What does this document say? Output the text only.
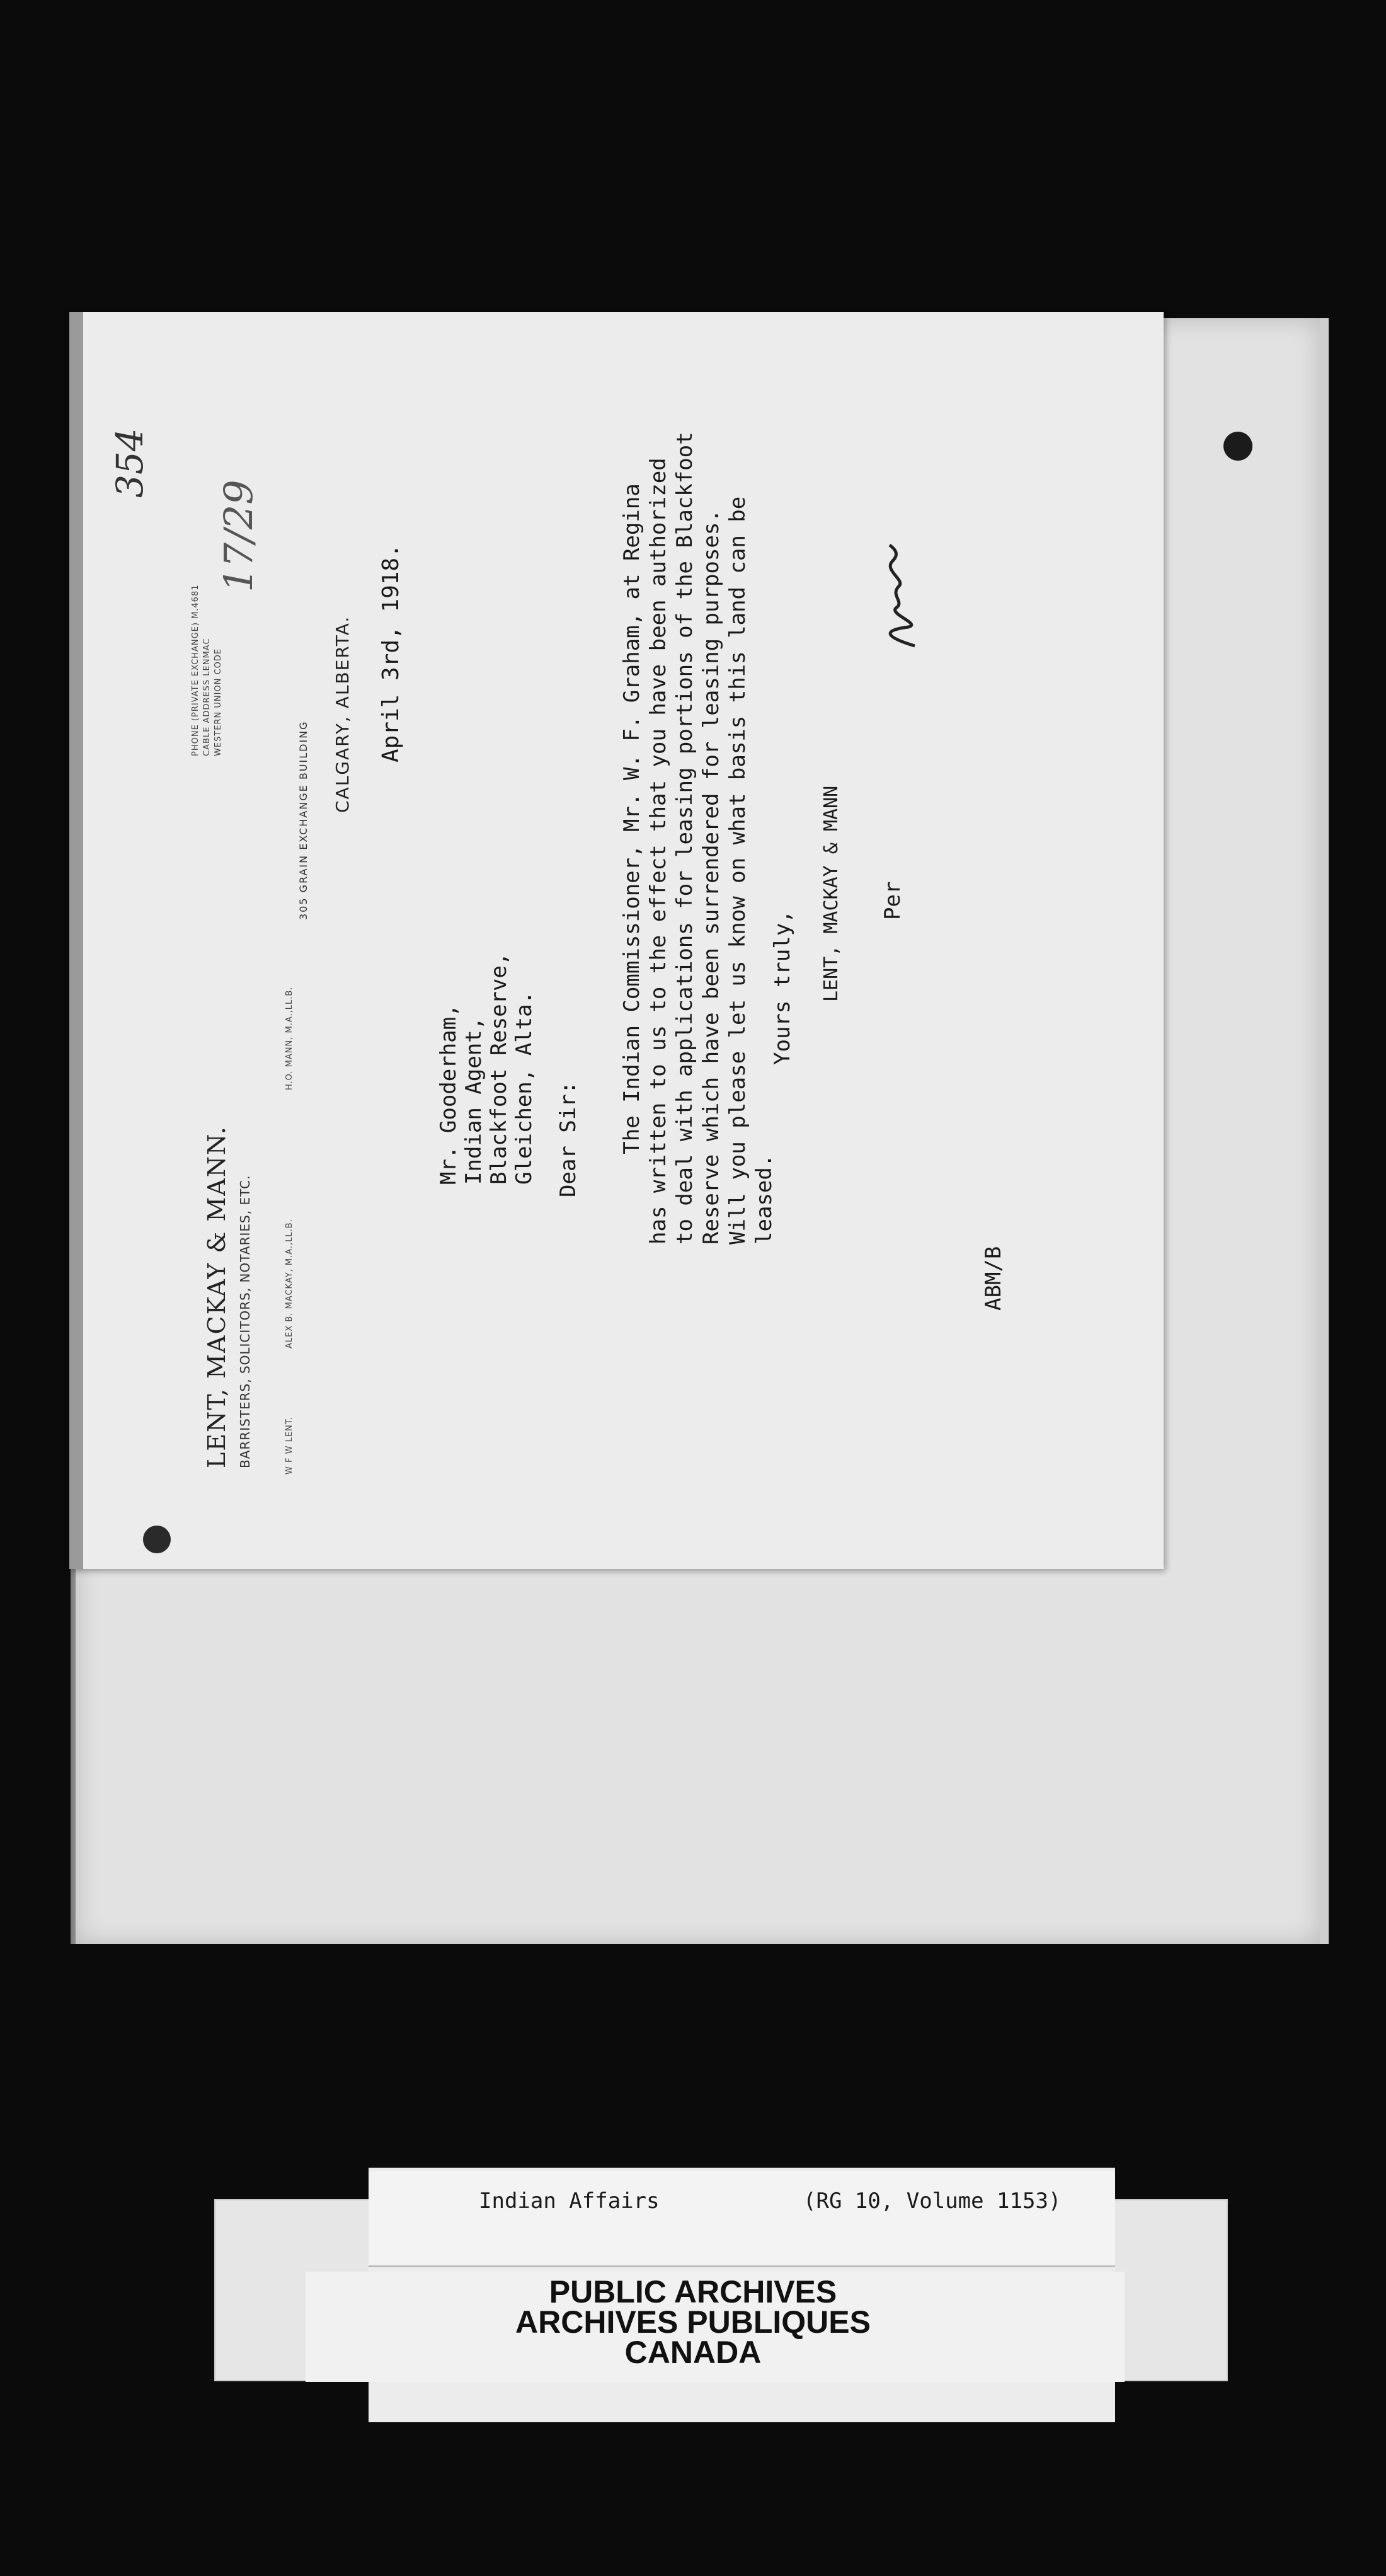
LENT, MACKAY & MANN. BARRISTERS, SOLICITORS, NOTARIES, ETC.	W F W LENT.
ALEX B. MACKAY, M.A.,LL.B.
H.O. MANN, M.A.,LL.B.
PHONE (PRIVATE EXCHANGE) M.4681 CABLE ADDRESS LENMAC WESTERN UNION CODE
305 GRAIN EXCHANGE BUILDING
CALGARY, ALBERTA.
354
17/29
April 3rd, 1918.
Mr. Gooderham, Indian Agent, Blackfoot Reserve, Gleichen, Alta. Dear Sir: The Indian Commissioner, Mr. W. F. Graham, at Regina has written to us to the effect that you have been authorized to deal with applications for leasing portions of the Blackfoot Reserve which have been surrendered for leasing purposes. Will you please let us know on what basis this land can be leased.
Yours truly, LENT, MACKAY & MANN Per
ABM/B
Indian Affairs	(RG 10, Volume 1153)
PUBLIC ARCHIVES
ARCHIVES PUBLIQUES
CANADA
